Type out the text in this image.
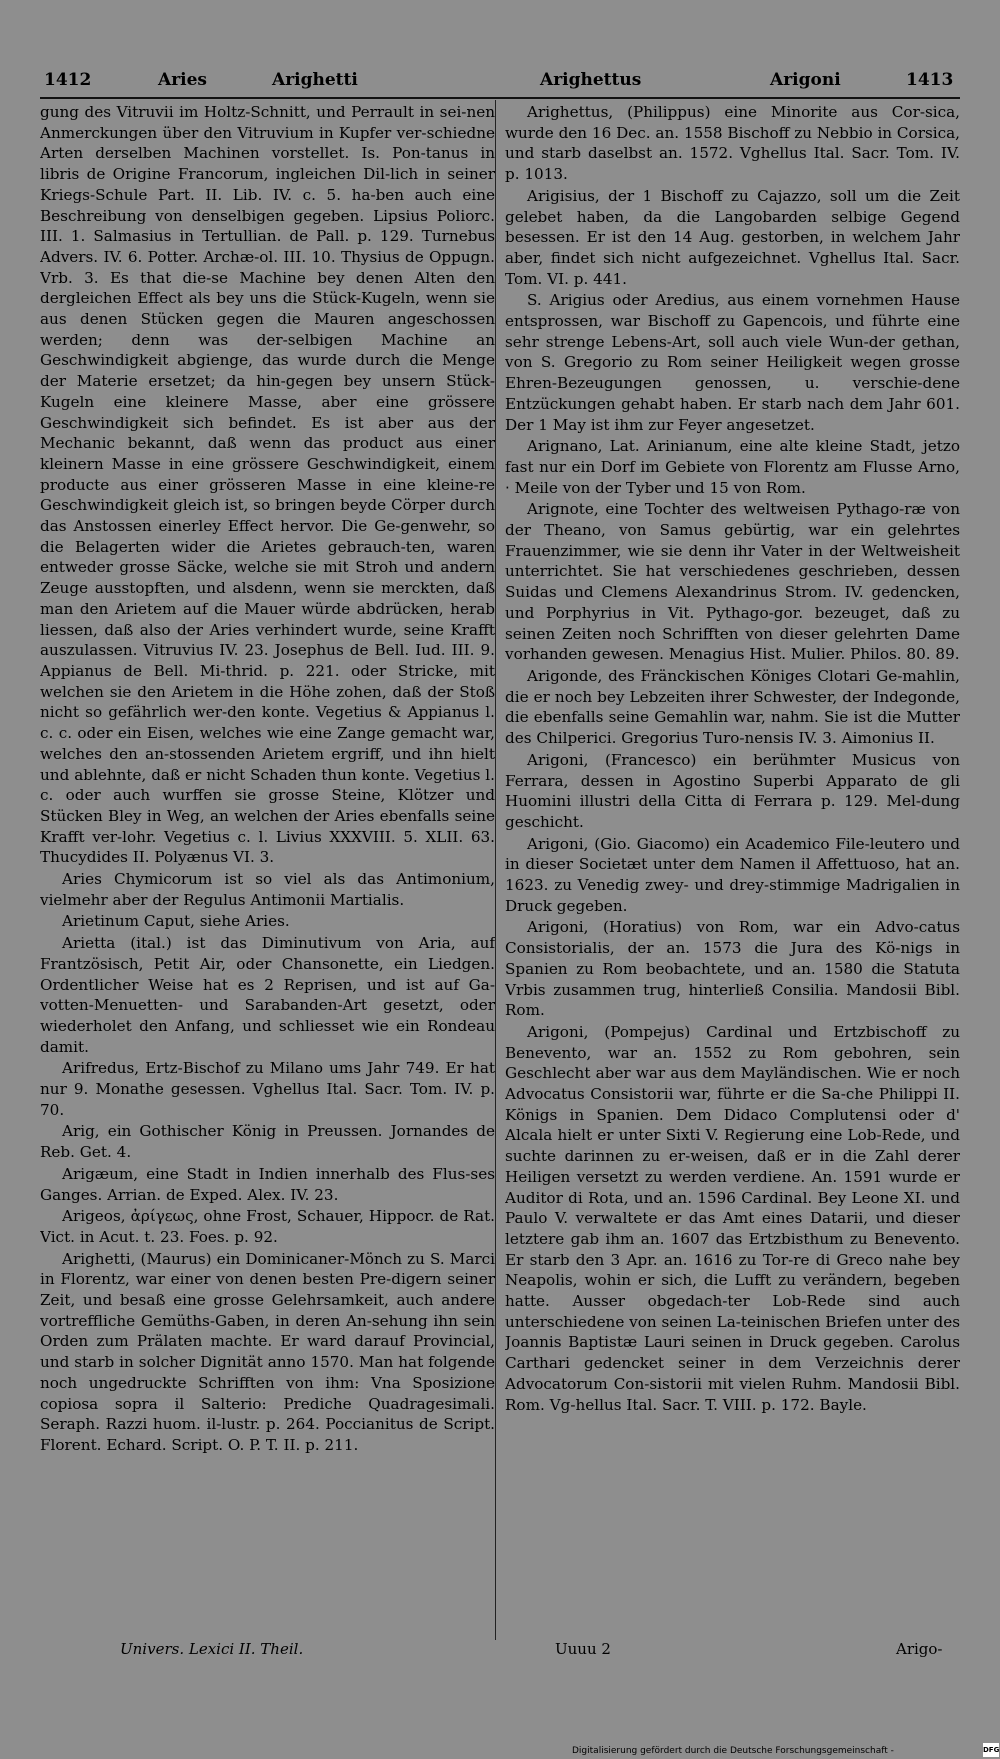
1412	Aries	Arighetti	Arighettus	Arigoni	1413

gung des Vitruvii im Holtz-Schnitt, und Perrault in sei-nen Anmerckungen über den Vitruvium in Kupfer ver-schiedne Arten derselben Machinen vorstellet. Is. Pon-tanus in libris de Origine Francorum, ingleichen Dil-lich in seiner Kriegs-Schule Part. II. Lib. IV. c. 5. ha-ben auch eine Beschreibung von denselbigen gegeben. Lipsius Poliorc. III. 1. Salmasius in Tertullian. de Pall. p. 129. Turnebus Advers. IV. 6. Potter. Archæ-ol. III. 10. Thysius de Oppugn. Vrb. 3. Es that die-se Machine bey denen Alten den dergleichen Effect als bey uns die Stück-Kugeln, wenn sie aus denen Stücken gegen die Mauren angeschossen werden; denn was der-selbigen Machine an Geschwindigkeit abgienge, das wurde durch die Menge der Materie ersetzet; da hin-gegen bey unsern Stück-Kugeln eine kleinere Masse, aber eine grössere Geschwindigkeit sich befindet. Es ist aber aus der Mechanic bekannt, daß wenn das product aus einer kleinern Masse in eine grössere Geschwindigkeit, einem producte aus einer grösseren Masse in eine kleine-re Geschwindigkeit gleich ist, so bringen beyde Cörper durch das Anstossen einerley Effect hervor. Die Ge-genwehr, so die Belagerten wider die Arietes gebrauch-ten, waren entweder grosse Säcke, welche sie mit Stroh und andern Zeuge ausstopften, und alsdenn, wenn sie merckten, daß man den Arietem auf die Mauer würde abdrücken, herab liessen, daß also der Aries verhindert wurde, seine Krafft auszulassen. Vitruvius IV. 23. Josephus de Bell. Iud. III. 9. Appianus de Bell. Mi-thrid. p. 221. oder Stricke, mit welchen sie den Arietem in die Höhe zohen, daß der Stoß nicht so gefährlich wer-den konte. Vegetius & Appianus l. c. c. oder ein Eisen, welches wie eine Zange gemacht war, welches den an-stossenden Arietem ergriff, und ihn hielt und ablehnte, daß er nicht Schaden thun konte. Vegetius l. c. oder auch wurffen sie grosse Steine, Klötzer und Stücken Bley in Weg, an welchen der Aries ebenfalls seine Krafft ver-lohr. Vegetius c. l. Livius XXXVIII. 5. XLII. 63. Thucydides II. Polyænus VI. 3.

Aries Chymicorum ist so viel als das Antimonium, vielmehr aber der Regulus Antimonii Martialis.

Arietinum Caput, siehe Aries.

Arietta (ital.) ist das Diminutivum von Aria, auf Frantzösisch, Petit Air, oder Chansonette, ein Liedgen. Ordentlicher Weise hat es 2 Reprisen, und ist auf Ga-votten-Menuetten- und Sarabanden-Art gesetzt, oder wiederholet den Anfang, und schliesset wie ein Rondeau damit.

Arifredus, Ertz-Bischof zu Milano ums Jahr 749. Er hat nur 9. Monathe gesessen. Vghellus Ital. Sacr. Tom. IV. p. 70.

Arig, ein Gothischer König in Preussen. Jornandes de Reb. Get. 4.

Arigæum, eine Stadt in Indien innerhalb des Flus-ses Ganges. Arrian. de Exped. Alex. IV. 23.

Arigeos, ἀρίγεως, ohne Frost, Schauer, Hippocr. de Rat. Vict. in Acut. t. 23. Foes. p. 92.

Arighetti, (Maurus) ein Dominicaner-Mönch zu S. Marci in Florentz, war einer von denen besten Pre-digern seiner Zeit, und besaß eine grosse Gelehrsamkeit, auch andere vortreffliche Gemüths-Gaben, in deren An-sehung ihn sein Orden zum Prälaten machte. Er ward darauf Provincial, und starb in solcher Dignität anno 1570. Man hat folgende noch ungedruckte Schrifften von ihm: Vna Sposizione copiosa sopra il Salterio: Prediche Quadragesimali. Seraph. Razzi huom. il-lustr. p. 264. Poccianitus de Script. Florent. Echard. Script. O. P. T. II. p. 211.

Arighettus, (Philippus) eine Minorite aus Cor-sica, wurde den 16 Dec. an. 1558 Bischoff zu Nebbio in Corsica, und starb daselbst an. 1572. Vghellus Ital. Sacr. Tom. IV. p. 1013.

Arigisius, der 1 Bischoff zu Cajazzo, soll um die Zeit gelebet haben, da die Langobarden selbige Gegend besessen. Er ist den 14 Aug. gestorben, in welchem Jahr aber, findet sich nicht aufgezeichnet. Vghellus Ital. Sacr. Tom. VI. p. 441.

S. Arigius oder Aredius, aus einem vornehmen Hause entsprossen, war Bischoff zu Gapencois, und führte eine sehr strenge Lebens-Art, soll auch viele Wun-der gethan, von S. Gregorio zu Rom seiner Heiligkeit wegen grosse Ehren-Bezeugungen genossen, u. verschie-dene Entzückungen gehabt haben. Er starb nach dem Jahr 601. Der 1 May ist ihm zur Feyer angesetzet.

Arignano, Lat. Arinianum, eine alte kleine Stadt, jetzo fast nur ein Dorf im Gebiete von Florentz am Flusse Arno, ‧ Meile von der Tyber und 15 von Rom.

Arignote, eine Tochter des weltweisen Pythago-ræ von der Theano, von Samus gebürtig, war ein gelehrtes Frauenzimmer, wie sie denn ihr Vater in der Weltweisheit unterrichtet. Sie hat verschiedenes geschrieben, dessen Suidas und Clemens Alexandrinus Strom. IV. gedencken, und Porphyrius in Vit. Pythago-gor. bezeuget, daß zu seinen Zeiten noch Schrifften von dieser gelehrten Dame vorhanden gewesen. Menagius Hist. Mulier. Philos. 80. 89.

Arigonde, des Fränckischen Königes Clotari Ge-mahlin, die er noch bey Lebzeiten ihrer Schwester, der Indegonde, die ebenfalls seine Gemahlin war, nahm. Sie ist die Mutter des Chilperici. Gregorius Turo-nensis IV. 3. Aimonius II.

Arigoni, (Francesco) ein berühmter Musicus von Ferrara, dessen in Agostino Superbi Apparato de gli Huomini illustri della Citta di Ferrara p. 129. Mel-dung geschicht.

Arigoni, (Gio. Giacomo) ein Academico File-leutero und in dieser Societæt unter dem Namen il Affettuoso, hat an. 1623. zu Venedig zwey- und drey-stimmige Madrigalien in Druck gegeben.

Arigoni, (Horatius) von Rom, war ein Advo-catus Consistorialis, der an. 1573 die Jura des Kö-nigs in Spanien zu Rom beobachtete, und an. 1580 die Statuta Vrbis zusammen trug, hinterließ Consilia. Mandosii Bibl. Rom.

Arigoni, (Pompejus) Cardinal und Ertzbischoff zu Benevento, war an. 1552 zu Rom gebohren, sein Geschlecht aber war aus dem Mayländischen. Wie er noch Advocatus Consistorii war, führte er die Sa-che Philippi II. Königs in Spanien. Dem Didaco Complutensi oder d' Alcala hielt er unter Sixti V. Regierung eine Lob-Rede, und suchte darinnen zu er-weisen, daß er in die Zahl derer Heiligen versetzt zu werden verdiene. An. 1591 wurde er Auditor di Rota, und an. 1596 Cardinal. Bey Leone XI. und Paulo V. verwaltete er das Amt eines Datarii, und dieser letztere gab ihm an. 1607 das Ertzbisthum zu Benevento. Er starb den 3 Apr. an. 1616 zu Tor-re di Greco nahe bey Neapolis, wohin er sich, die Lufft zu verändern, begeben hatte. Ausser obgedach-ter Lob-Rede sind auch unterschiedene von seinen La-teinischen Briefen unter des Joannis Baptistæ Lauri seinen in Druck gegeben. Carolus Carthari gedencket seiner in dem Verzeichnis derer Advocatorum Con-sistorii mit vielen Ruhm. Mandosii Bibl. Rom. Vg-hellus Ital. Sacr. T. VIII. p. 172. Bayle.

Univers. Lexici II. Theil.	Uuuu 2	Arigo-
Digitalisierung gefördert durch die Deutsche Forschungsgemeinschaft -	DFG
